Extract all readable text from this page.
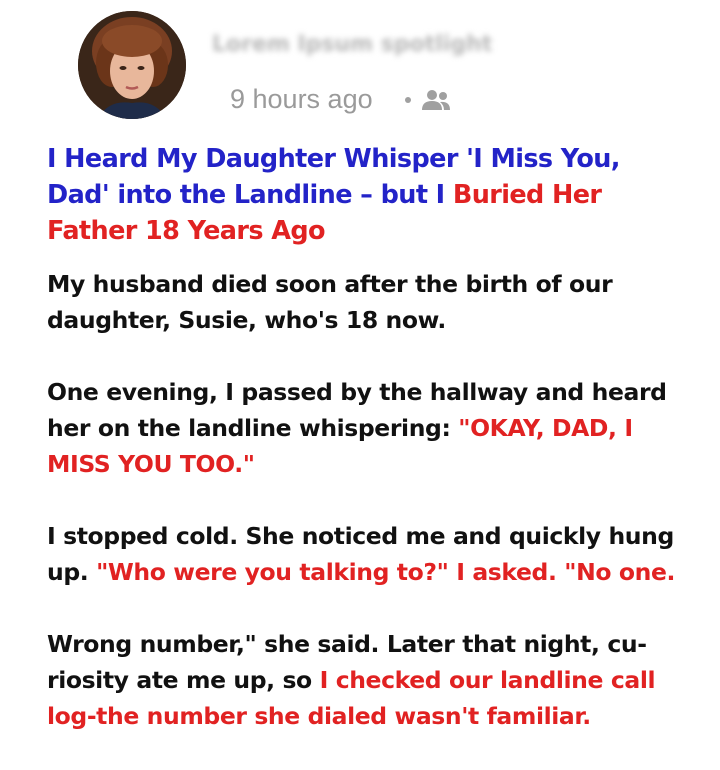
Lorem Ipsum spotlight
9 hours ago
I Heard My Daughter Whisper 'I Miss You, Dad' into the Landline – but I Buried Her Father 18 Years Ago

My husband died soon after the birth of our daughter, Susie, who's 18 now.

One evening, I passed by the hallway and heard her on the landline whispering: "OKAY, DAD, I MISS YOU TOO."

I stopped cold. She noticed me and quickly hung up. "Who were you talking to?" I asked. "No one.

Wrong number," she said. Later that night, cu-riosity ate me up, so I checked our landline call log-the number she dialed wasn't familiar.
